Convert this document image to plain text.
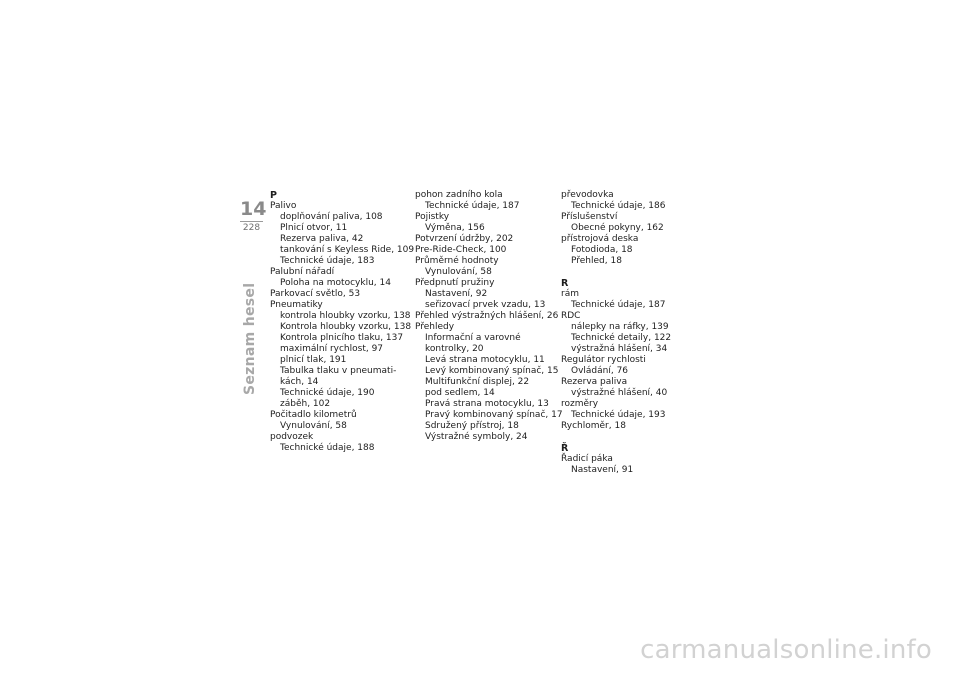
14
228
Seznam hesel
P
Palivo
doplňování paliva, 108
Plnicí otvor, 11
Rezerva paliva, 42
tankování s Keyless Ride, 109
Technické údaje, 183
Palubní nářadí
Poloha na motocyklu, 14
Parkovací světlo, 53
Pneumatiky
kontrola hloubky vzorku, 138
Kontrola hloubky vzorku, 138
Kontrola plnicího tlaku, 137
maximální rychlost, 97
plnicí tlak, 191
Tabulka tlaku v pneumati-
kách, 14
Technické údaje, 190
záběh, 102
Počitadlo kilometrů
Vynulování, 58
podvozek
Technické údaje, 188
pohon zadního kola
Technické údaje, 187
Pojistky
Výměna, 156
Potvrzení údržby, 202
Pre-Ride-Check, 100
Průměrné hodnoty
Vynulování, 58
Předpnutí pružiny
Nastavení, 92
seřizovací prvek vzadu, 13
Přehled výstražných hlášení, 26
Přehledy
Informační a varovné
kontrolky, 20
Levá strana motocyklu, 11
Levý kombinovaný spínač, 15
Multifunkční displej, 22
pod sedlem, 14
Pravá strana motocyklu, 13
Pravý kombinovaný spínač, 17
Sdružený přístroj, 18
Výstražné symboly, 24
převodovka
Technické údaje, 186
Příslušenství
Obecné pokyny, 162
přístrojová deska
Fotodioda, 18
Přehled, 18
R
rám
Technické údaje, 187
RDC
nálepky na ráfky, 139
Technické detaily, 122
výstražná hlášení, 34
Regulátor rychlosti
Ovládání, 76
Rezerva paliva
výstražné hlášení, 40
rozměry
Technické údaje, 193
Rychloměr, 18
Ř
Řadicí páka
Nastavení, 91
carmanualsonline.info
